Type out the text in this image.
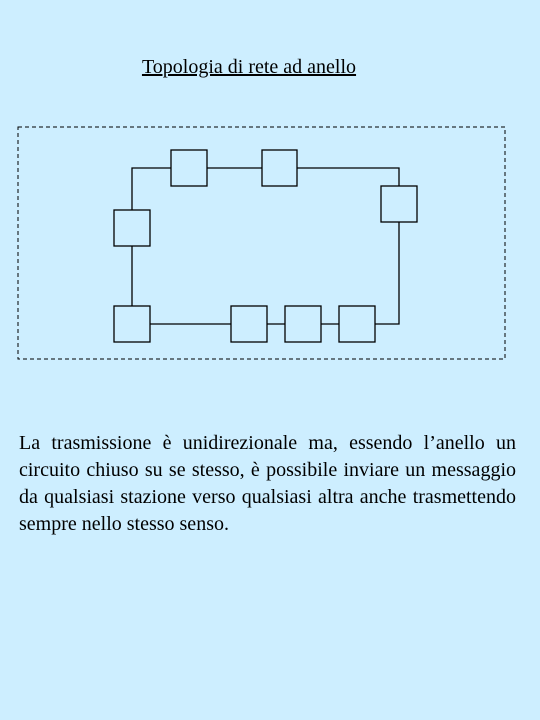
Topologia di rete ad anello

La trasmissione è unidirezionale ma, essendo l’anello un circuito chiuso su se stesso, è possibile inviare un messaggio da qualsiasi stazione verso qualsiasi altra anche trasmettendo sempre nello stesso senso.
